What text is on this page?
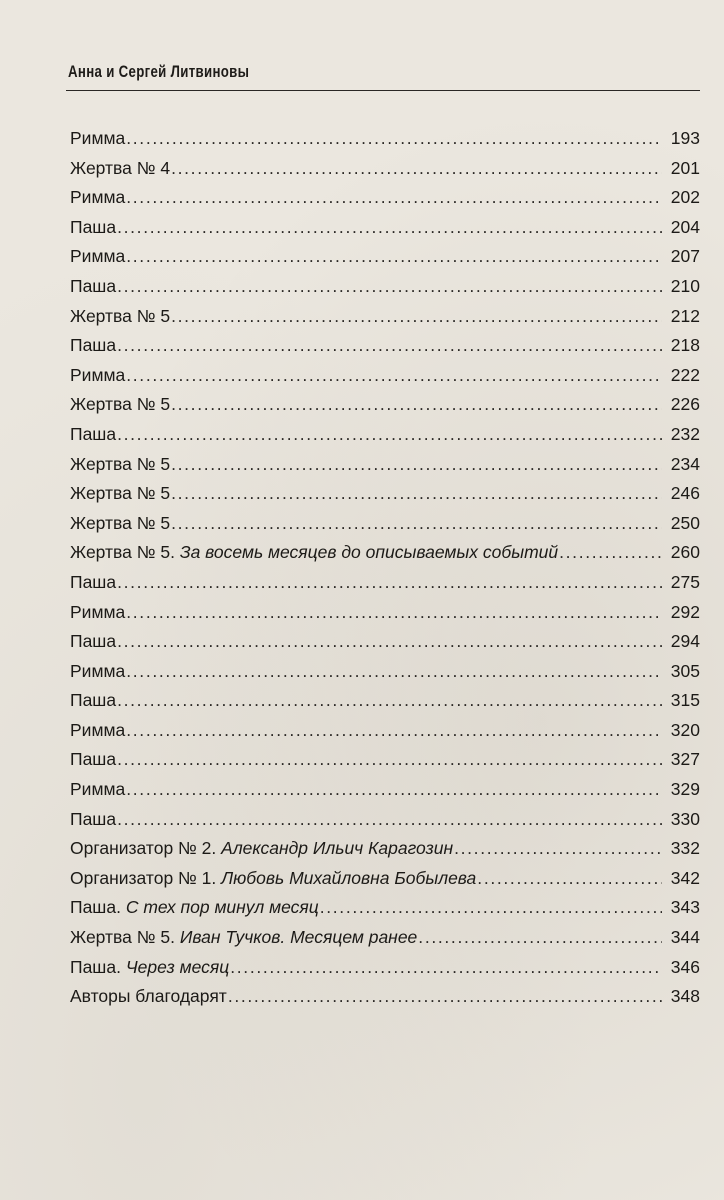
Анна и Сергей Литвиновы
Римма . . .	193
Жертва № 4 . . .	201
Римма . . .	202
Паша . . .	204
Римма . . .	207
Паша . . .	210
Жертва № 5 . . .	212
Паша . . .	218
Римма . . .	222
Жертва № 5 . . .	226
Паша . . .	232
Жертва № 5 . . .	234
Жертва № 5 . . .	246
Жертва № 5 . . .	250
Жертва № 5. За восемь месяцев до описываемых событий . . .	260
Паша . . .	275
Римма . . .	292
Паша . . .	294
Римма . . .	305
Паша . . .	315
Римма . . .	320
Паша . . .	327
Римма . . .	329
Паша . . .	330
Организатор № 2. Александр Ильич Карагозин . . .	332
Организатор № 1. Любовь Михайловна Бобылева . . .	342
Паша. С тех пор минул месяц . . .	343
Жертва № 5. Иван Тучков. Месяцем ранее . . .	344
Паша. Через месяц . . .	346
Авторы благодарят . . .	348
